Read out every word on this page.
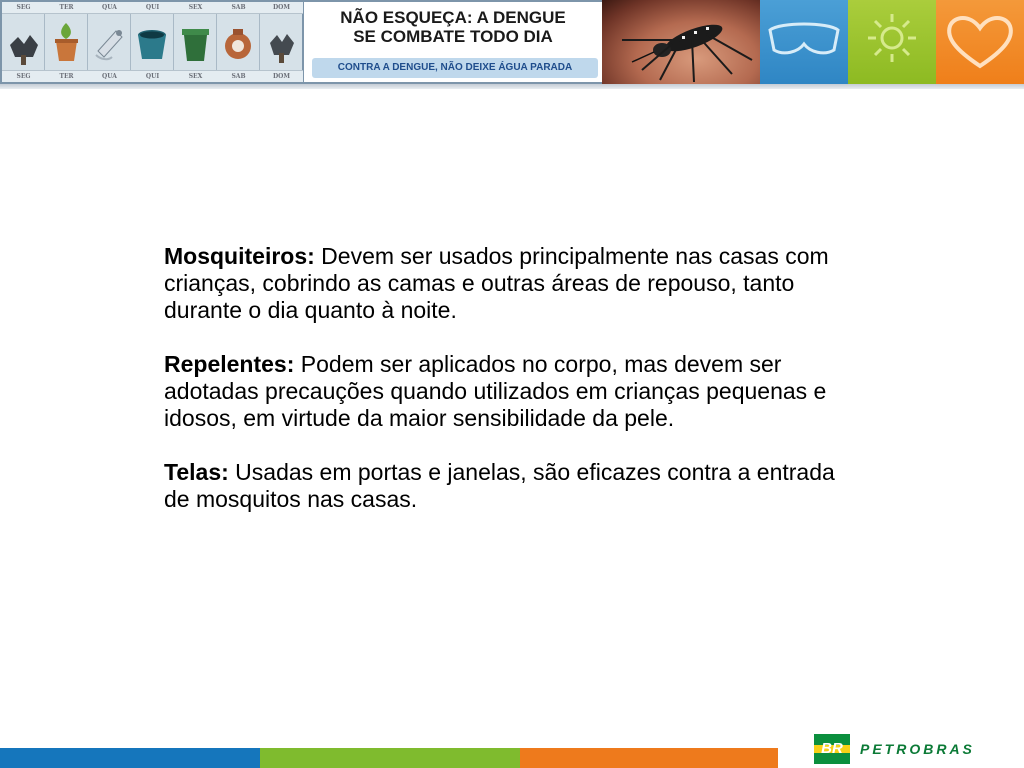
SEG
SEG
TER
TER
QUA
QUA
QUI
QUI
SEX
SEX
SAB
SAB
DOM
DOM
NÃO ESQUEÇA: A DENGUE
SE COMBATE TODO DIA
CONTRA A DENGUE, NÃO DEIXE ÁGUA PARADA

Mosquiteiros: Devem ser usados principalmente nas casas com crianças, cobrindo as camas e outras áreas de repouso, tanto durante o dia quanto à noite.

Repelentes: Podem ser aplicados no corpo, mas devem ser adotadas precauções quando utilizados em crianças pequenas e idosos, em virtude da maior sensibilidade da pele.

Telas: Usadas em portas e janelas, são eficazes contra a entrada de mosquitos nas casas.

BR	PETROBRAS
